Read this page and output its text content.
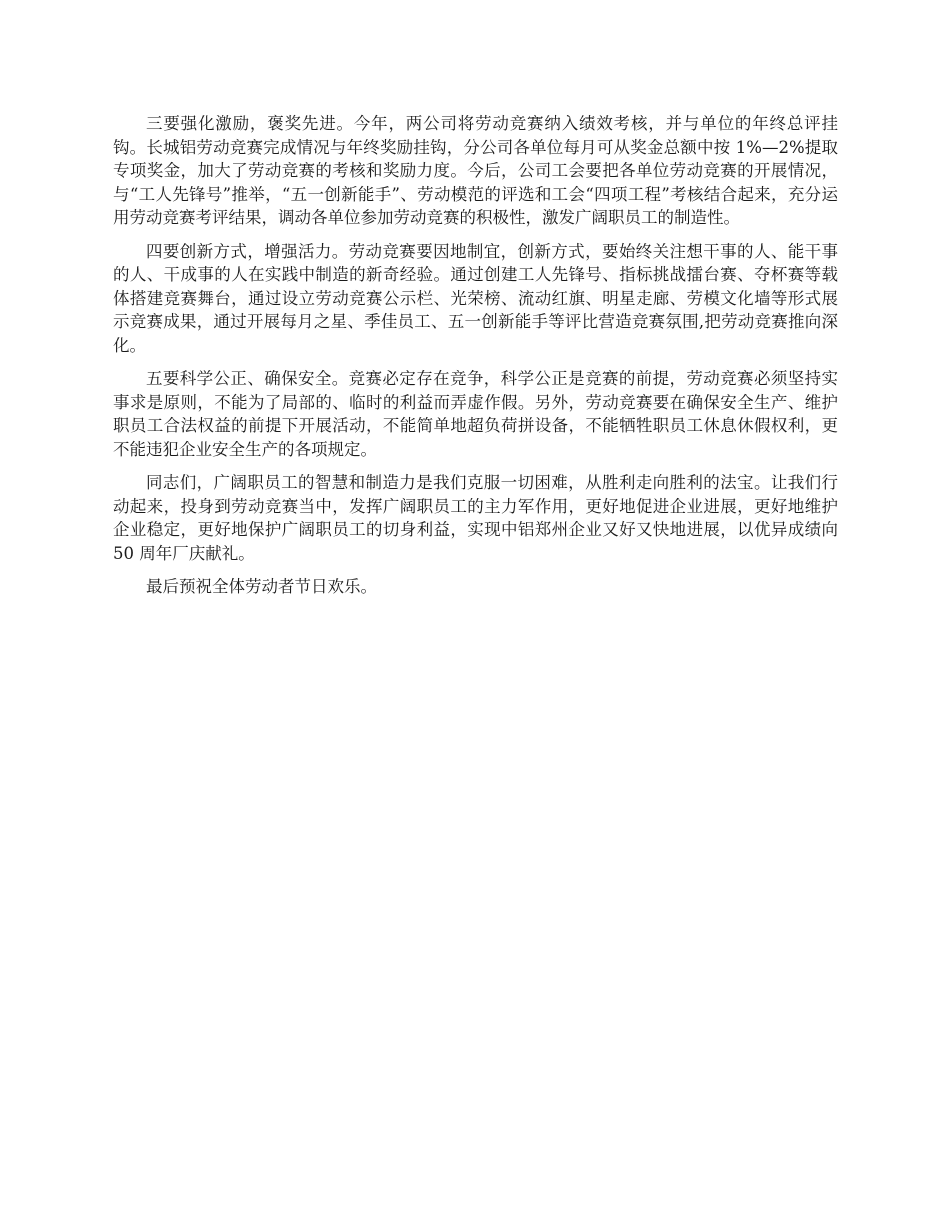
三要强化激励，褒奖先进。今年，两公司将劳动竞赛纳入绩效考核，并与单位的年终总评挂钩。长城铝劳动竞赛完成情况与年终奖励挂钩，分公司各单位每月可从奖金总额中按 1%—2%提取专项奖金，加大了劳动竞赛的考核和奖励力度。今后，公司工会要把各单位劳动竞赛的开展情况，与“工人先锋号”推举，“五一创新能手”、劳动模范的评选和工会“四项工程”考核结合起来，充分运用劳动竞赛考评结果，调动各单位参加劳动竞赛的积极性，激发广阔职员工的制造性。

四要创新方式，增强活力。劳动竞赛要因地制宜，创新方式，要始终关注想干事的人、能干事的人、干成事的人在实践中制造的新奇经验。通过创建工人先锋号、指标挑战擂台赛、夺杯赛等载体搭建竞赛舞台，通过设立劳动竞赛公示栏、光荣榜、流动红旗、明星走廊、劳模文化墙等形式展示竞赛成果，通过开展每月之星、季佳员工、五一创新能手等评比营造竞赛氛围,把劳动竞赛推向深化。

五要科学公正、确保安全。竞赛必定存在竞争，科学公正是竞赛的前提，劳动竞赛必须坚持实事求是原则，不能为了局部的、临时的利益而弄虚作假。另外，劳动竞赛要在确保安全生产、维护职员工合法权益的前提下开展活动，不能简单地超负荷拼设备，不能牺牲职员工休息休假权利，更不能违犯企业安全生产的各项规定。

同志们，广阔职员工的智慧和制造力是我们克服一切困难，从胜利走向胜利的法宝。让我们行动起来，投身到劳动竞赛当中，发挥广阔职员工的主力军作用，更好地促进企业进展，更好地维护企业稳定，更好地保护广阔职员工的切身利益，实现中铝郑州企业又好又快地进展，以优异成绩向 50 周年厂庆献礼。

最后预祝全体劳动者节日欢乐。
